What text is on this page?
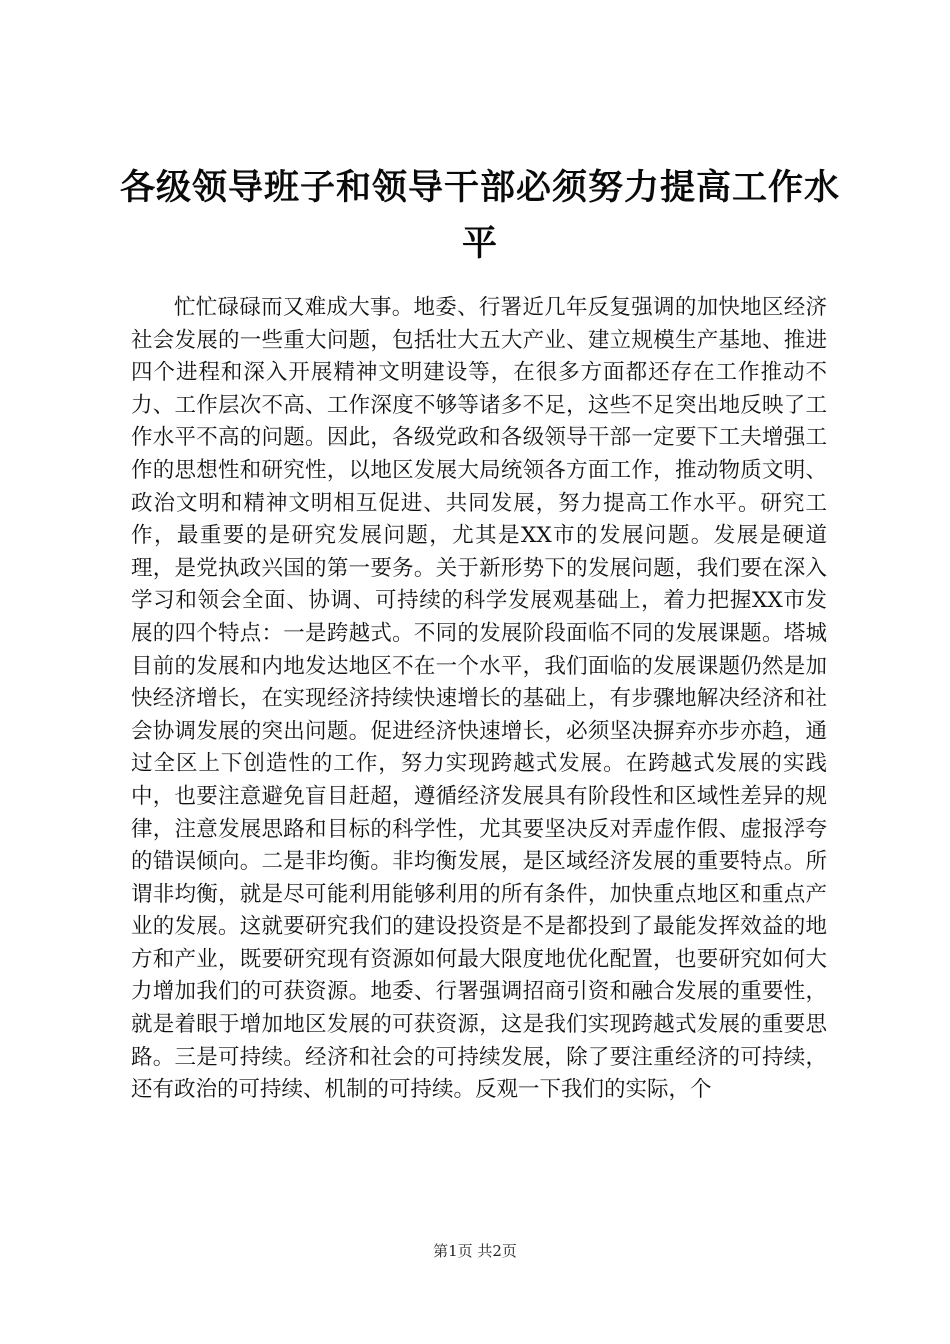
各级领导班子和领导干部必须努力提高工作水平

忙忙碌碌而又难成大事。地委、行署近几年反复强调的加快地区经济社会发展的一些重大问题，包括壮大五大产业、建立规模生产基地、推进四个进程和深入开展精神文明建设等，在很多方面都还存在工作推动不力、工作层次不高、工作深度不够等诸多不足，这些不足突出地反映了工作水平不高的问题。因此，各级党政和各级领导干部一定要下工夫增强工作的思想性和研究性，以地区发展大局统领各方面工作，推动物质文明、政治文明和精神文明相互促进、共同发展，努力提高工作水平。研究工作，最重要的是研究发展问题，尤其是XX市的发展问题。发展是硬道理，是党执政兴国的第一要务。关于新形势下的发展问题，我们要在深入学习和领会全面、协调、可持续的科学发展观基础上，着力把握XX市发展的四个特点：一是跨越式。不同的发展阶段面临不同的发展课题。塔城目前的发展和内地发达地区不在一个水平，我们面临的发展课题仍然是加快经济增长，在实现经济持续快速增长的基础上，有步骤地解决经济和社会协调发展的突出问题。促进经济快速增长，必须坚决摒弃亦步亦趋，通过全区上下创造性的工作，努力实现跨越式发展。在跨越式发展的实践中，也要注意避免盲目赶超，遵循经济发展具有阶段性和区域性差异的规律，注意发展思路和目标的科学性，尤其要坚决反对弄虚作假、虚报浮夸的错误倾向。二是非均衡。非均衡发展，是区域经济发展的重要特点。所谓非均衡，就是尽可能利用能够利用的所有条件，加快重点地区和重点产业的发展。这就要研究我们的建设投资是不是都投到了最能发挥效益的地方和产业，既要研究现有资源如何最大限度地优化配置，也要研究如何大力增加我们的可获资源。地委、行署强调招商引资和融合发展的重要性，就是着眼于增加地区发展的可获资源，这是我们实现跨越式发展的重要思路。三是可持续。经济和社会的可持续发展，除了要注重经济的可持续，还有政治的可持续、机制的可持续。反观一下我们的实际，个

第1页 共2页
